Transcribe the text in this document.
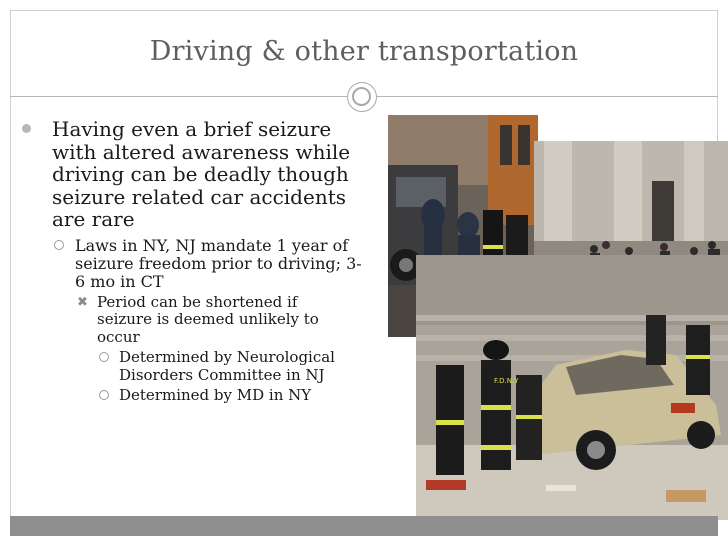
Driving & other transportation
Having even a brief seizure with altered awareness while driving can be deadly though seizure related car accidents are rare
Laws in NY, NJ mandate 1 year of seizure freedom prior to driving; 3-6 mo in CT
✖ Period can be shortened if seizure is deemed unlikely to occur
Determined by Neurological Disorders Committee in NJ
Determined by MD in NY
F.D.N.Y
